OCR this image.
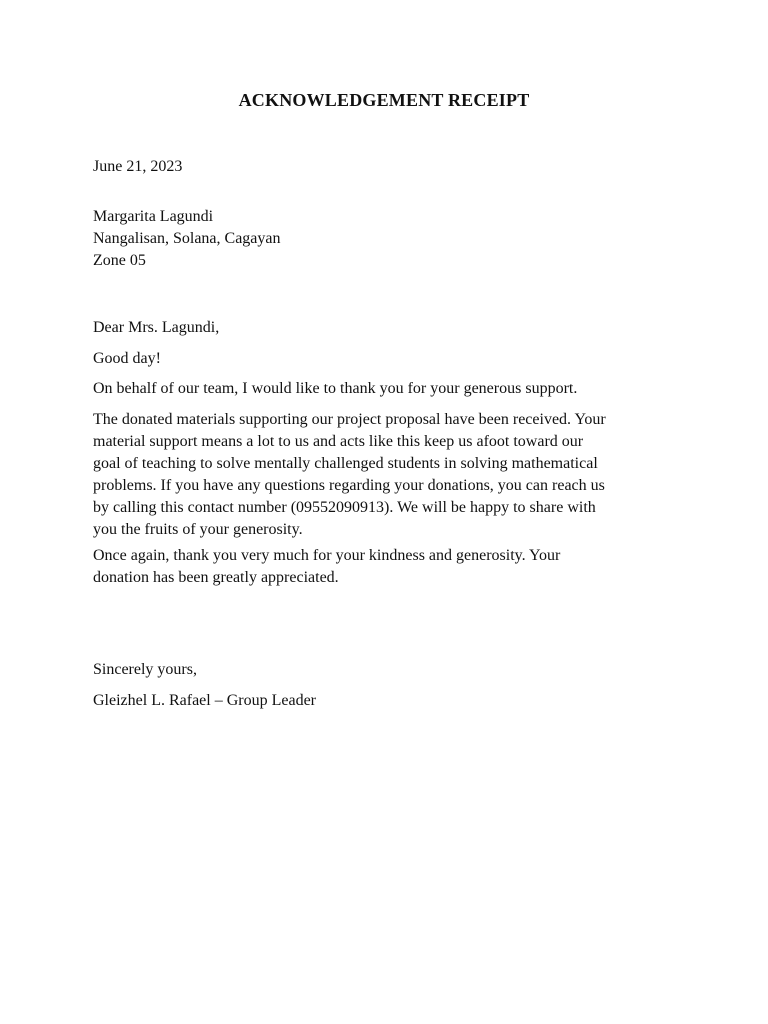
ACKNOWLEDGEMENT RECEIPT
June 21, 2023
Margarita Lagundi
Nangalisan, Solana, Cagayan
Zone 05
Dear Mrs. Lagundi,
Good day!
On behalf of our team, I would like to thank you for your generous support.
The donated materials supporting our project proposal have been received. Your
material support means a lot to us and acts like this keep us afoot toward our
goal of teaching to solve mentally challenged students in solving mathematical
problems. If you have any questions regarding your donations, you can reach us
by calling this contact number (09552090913). We will be happy to share with
you the fruits of your generosity.
Once again, thank you very much for your kindness and generosity. Your
donation has been greatly appreciated.
Sincerely yours,
Gleizhel L. Rafael – Group Leader
